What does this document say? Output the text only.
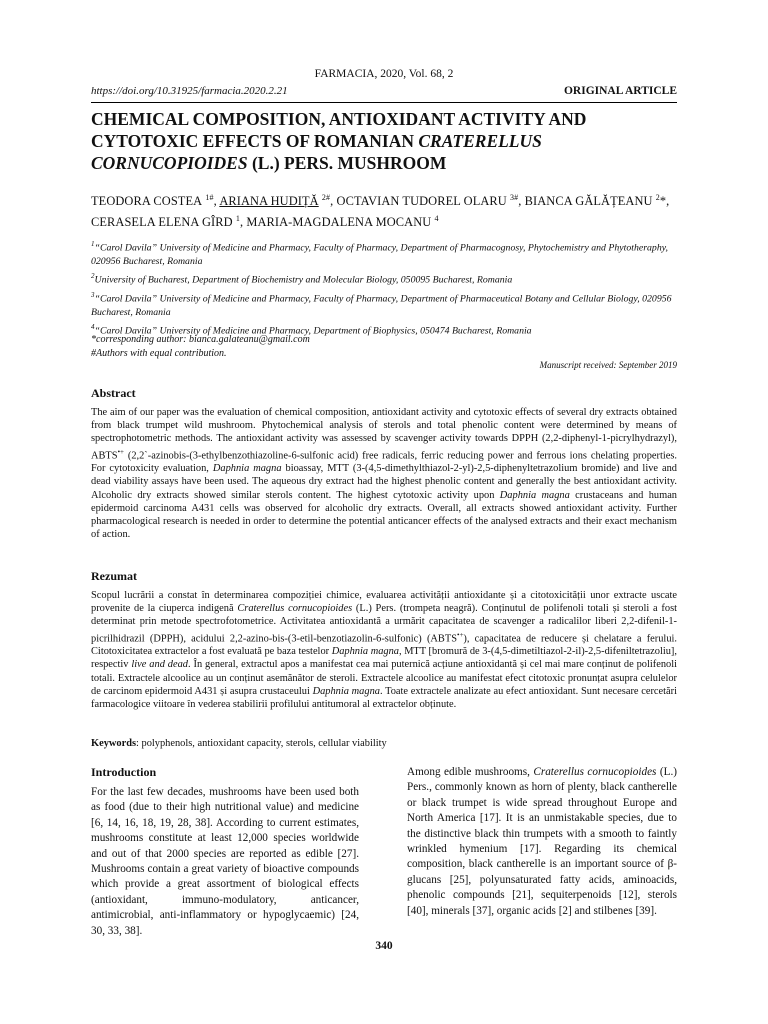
FARMACIA, 2020, Vol. 68, 2
https://doi.org/10.31925/farmacia.2020.2.21	ORIGINAL ARTICLE
CHEMICAL COMPOSITION, ANTIOXIDANT ACTIVITY AND CYTOTOXIC EFFECTS OF ROMANIAN CRATERELLUS CORNUCOPIOIDES (L.) PERS. MUSHROOM
TEODORA COSTEA $^{1\#}$, ARIANA HUDIȚĂ $^{2\#}$, OCTAVIAN TUDOREL OLARU $^{3\#}$, BIANCA GĂLĂȚEANU $^2$*, CERASELA ELENA GÎRD $^1$, MARIA-MAGDALENA MOCANU $^4$
$^1$“Carol Davila” University of Medicine and Pharmacy, Faculty of Pharmacy, Department of Pharmacognosy, Phytochemistry and Phytotheraphy, 020956 Bucharest, Romania
$^2$University of Bucharest, Department of Biochemistry and Molecular Biology, 050095 Bucharest, Romania
$^3$“Carol Davila” University of Medicine and Pharmacy, Faculty of Pharmacy, Department of Pharmaceutical Botany and Cellular Biology, 020956 Bucharest, Romania
$^4$“Carol Davila” University of Medicine and Pharmacy, Department of Biophysics, 050474 Bucharest, Romania
*corresponding author: bianca.galateanu@gmail.com
#Authors with equal contribution.
Manuscript received: September 2019
Abstract
The aim of our paper was the evaluation of chemical composition, antioxidant activity and cytotoxic effects of several dry extracts obtained from black trumpet wild mushroom. Phytochemical analysis of sterols and total phenolic content were determined by means of spectrophotometric methods. The antioxidant activity was assessed by scavenger activity towards DPPH (2,2-diphenyl-1-picrylhydrazyl), ABTS•+ (2,2`-azinobis-(3-ethylbenzothiazoline-6-sulfonic acid) free radicals, ferric reducing power and ferrous ions chelating properties. For cytotoxicity evaluation, Daphnia magna bioassay, MTT (3-(4,5-dimethylthiazol-2-yl)-2,5-diphenyltetrazolium bromide) and live and dead viability assays have been used. The aqueous dry extract had the highest phenolic content and generally the best antioxidant activity. Alcoholic dry extracts showed similar sterols content. The highest cytotoxic activity upon Daphnia magna crustaceans and human epidermoid carcinoma A431 cells was observed for alcoholic dry extracts. Overall, all extracts showed antioxidant activity. Further pharmacological research is needed in order to determine the potential anticancer effects of the analysed extracts and their exact mechanism of action.
Rezumat
Scopul lucrării a constat în determinarea compoziției chimice, evaluarea activității antioxidante și a citotoxicității unor extracte uscate provenite de la ciuperca indigenă Craterellus cornucopioides (L.) Pers. (trompeta neagră). Conținutul de polifenoli totali și steroli a fost determinat prin metode spectrofotometrice. Activitatea antioxidantă a urmărit capacitatea de scavenger a radicalilor liberi 2,2-difenil-1-picrilhidrazil (DPPH), acidului 2,2-azino-bis-(3-etil-benzotiazolin-6-sulfonic) (ABTS•+), capacitatea de reducere și chelatare a ferului. Citotoxicitatea extractelor a fost evaluată pe baza testelor Daphnia magna, MTT [bromură de 3-(4,5-dimetiltiazol-2-il)-2,5-difeniltetrazoliu], respectiv live and dead. În general, extractul apos a manifestat cea mai puternică acțiune antioxidantă și cel mai mare conținut de polifenoli totali. Extractele alcoolice au un conținut asemănător de steroli. Extractele alcoolice au manifestat efect citotoxic pronunțat asupra celulelor de carcinom epidermoid A431 și asupra crustaceului Daphnia magna. Toate extractele analizate au efect antioxidant. Sunt necesare cercetări farmacologice viitoare în vederea stabilirii profilului antitumoral al extractelor obținute.
Keywords: polyphenols, antioxidant capacity, sterols, cellular viability
Introduction
For the last few decades, mushrooms have been used both as food (due to their high nutritional value) and medicine [6, 14, 16, 18, 19, 28, 38]. According to current estimates, mushrooms constitute at least 12,000 species worldwide and out of that 2000 species are reported as edible [27]. Mushrooms contain a great variety of bioactive compounds which provide a great assortment of biological effects (antioxidant, immuno-modulatory, anticancer, antimicrobial, anti-inflammatory or hypoglycaemic) [24, 30, 33, 38].
Among edible mushrooms, Craterellus cornucopioides (L.) Pers., commonly known as horn of plenty, black cantherelle or black trumpet is wide spread throughout Europe and North America [17]. It is an unmistakable species, due to the distinctive black thin trumpets with a smooth to faintly wrinkled hymenium [17]. Regarding its chemical composition, black cantherelle is an important source of β-glucans [25], polyunsaturated fatty acids, aminoacids, phenolic compounds [21], sequiterpenoids [12], sterols [40], minerals [37], organic acids [2] and stilbenes [39].
340
